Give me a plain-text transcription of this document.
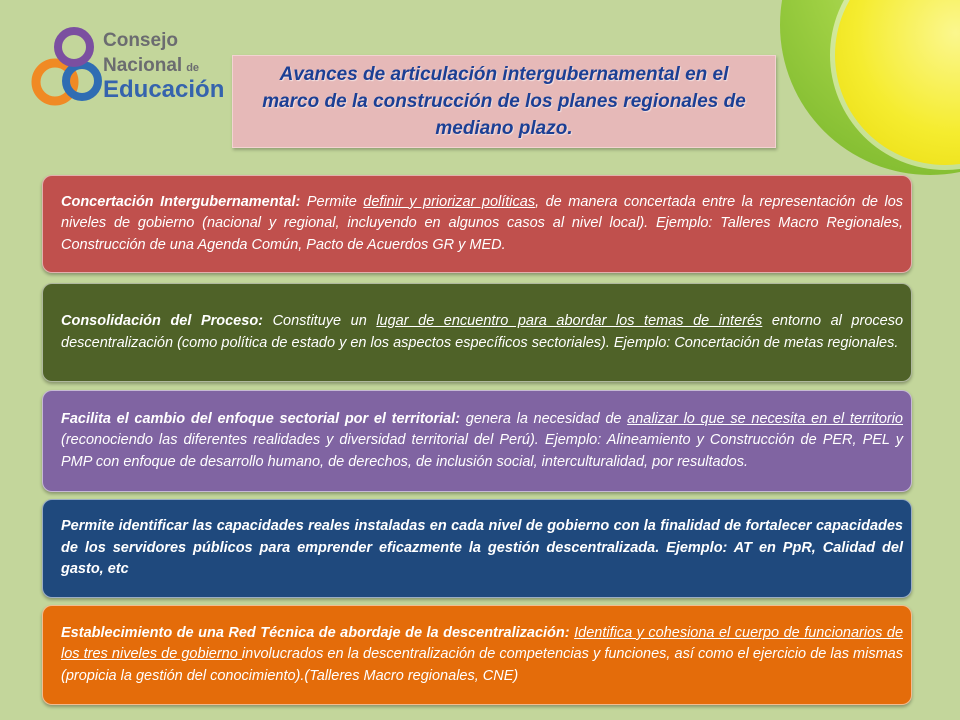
Consejo
Nacional de
Educación

Avances de articulación intergubernamental en el marco de la construcción de los planes regionales de mediano plazo.

Concertación Intergubernamental: Permite definir y priorizar políticas, de manera concertada entre la representación de los niveles de gobierno (nacional y regional, incluyendo en algunos casos al nivel local). Ejemplo: Talleres Macro Regionales, Construcción de una Agenda Común, Pacto de Acuerdos GR y MED.

Consolidación del Proceso: Constituye un lugar de encuentro para abordar los temas de interés entorno al proceso descentralización (como política de estado y en los aspectos específicos sectoriales). Ejemplo: Concertación de metas regionales.

Facilita el cambio del enfoque sectorial por el territorial: genera la necesidad de analizar lo que se necesita en el territorio (reconociendo las diferentes realidades y diversidad territorial del Perú). Ejemplo: Alineamiento y Construcción de PER, PEL y PMP con enfoque de desarrollo humano, de derechos, de inclusión social, interculturalidad, por resultados.

Permite identificar las capacidades reales instaladas en cada nivel de gobierno con la finalidad de fortalecer capacidades de los servidores públicos para emprender eficazmente la gestión descentralizada. Ejemplo: AT en PpR, Calidad del gasto, etc

Establecimiento de una Red Técnica de abordaje de la descentralización: Identifica y cohesiona el cuerpo de funcionarios de los tres niveles de gobierno involucrados en la descentralización de competencias y funciones, así como el ejercicio de las mismas (propicia la gestión del conocimiento).(Talleres Macro regionales, CNE)
